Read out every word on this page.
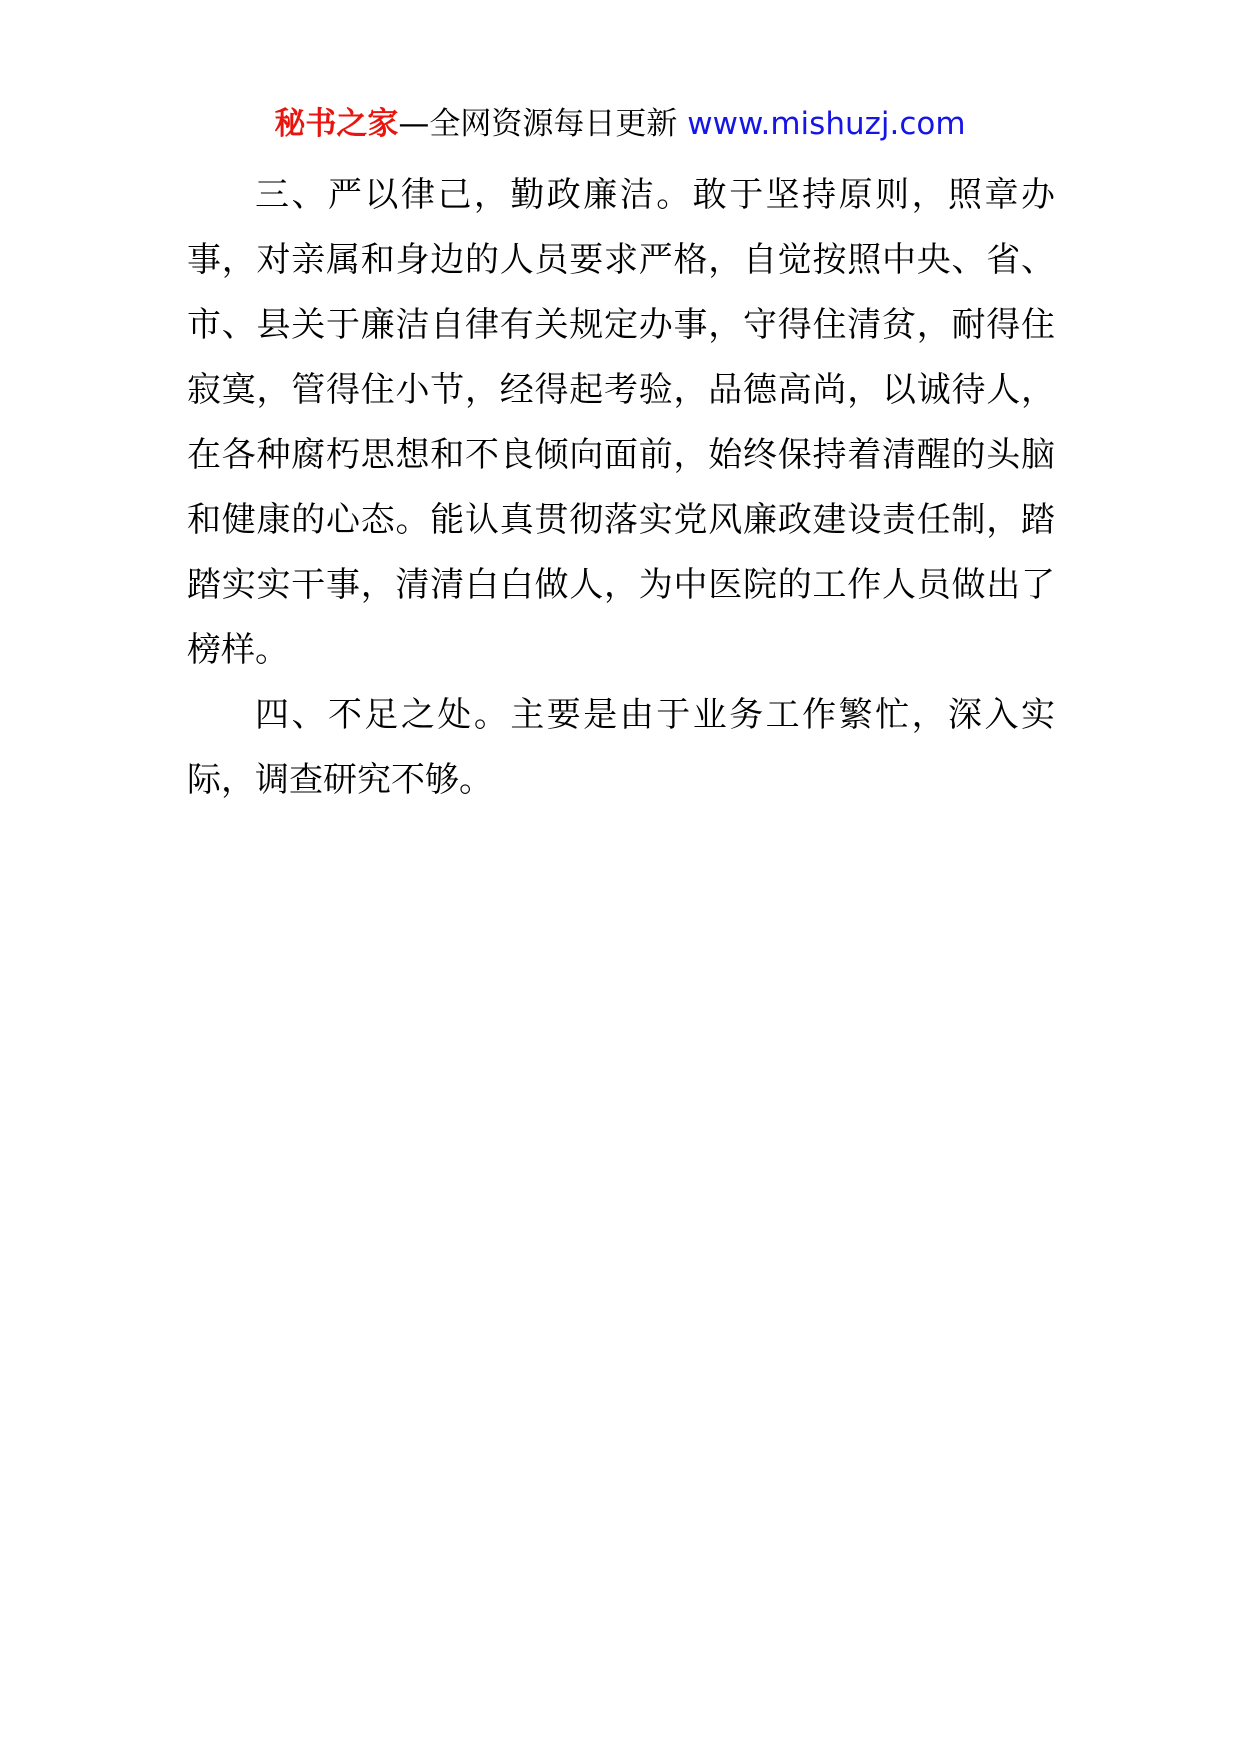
秘书之家—全网资源每日更新 www.mishuzj.com

三、严以律己，勤政廉洁。敢于坚持原则，照章办事，对亲属和身边的人员要求严格，自觉按照中央、省、市、县关于廉洁自律有关规定办事，守得住清贫，耐得住寂寞，管得住小节，经得起考验，品德高尚，以诚待人，在各种腐朽思想和不良倾向面前，始终保持着清醒的头脑和健康的心态。能认真贯彻落实党风廉政建设责任制，踏踏实实干事，清清白白做人，为中医院的工作人员做出了榜样。

四、不足之处。主要是由于业务工作繁忙，深入实际，调查研究不够。
